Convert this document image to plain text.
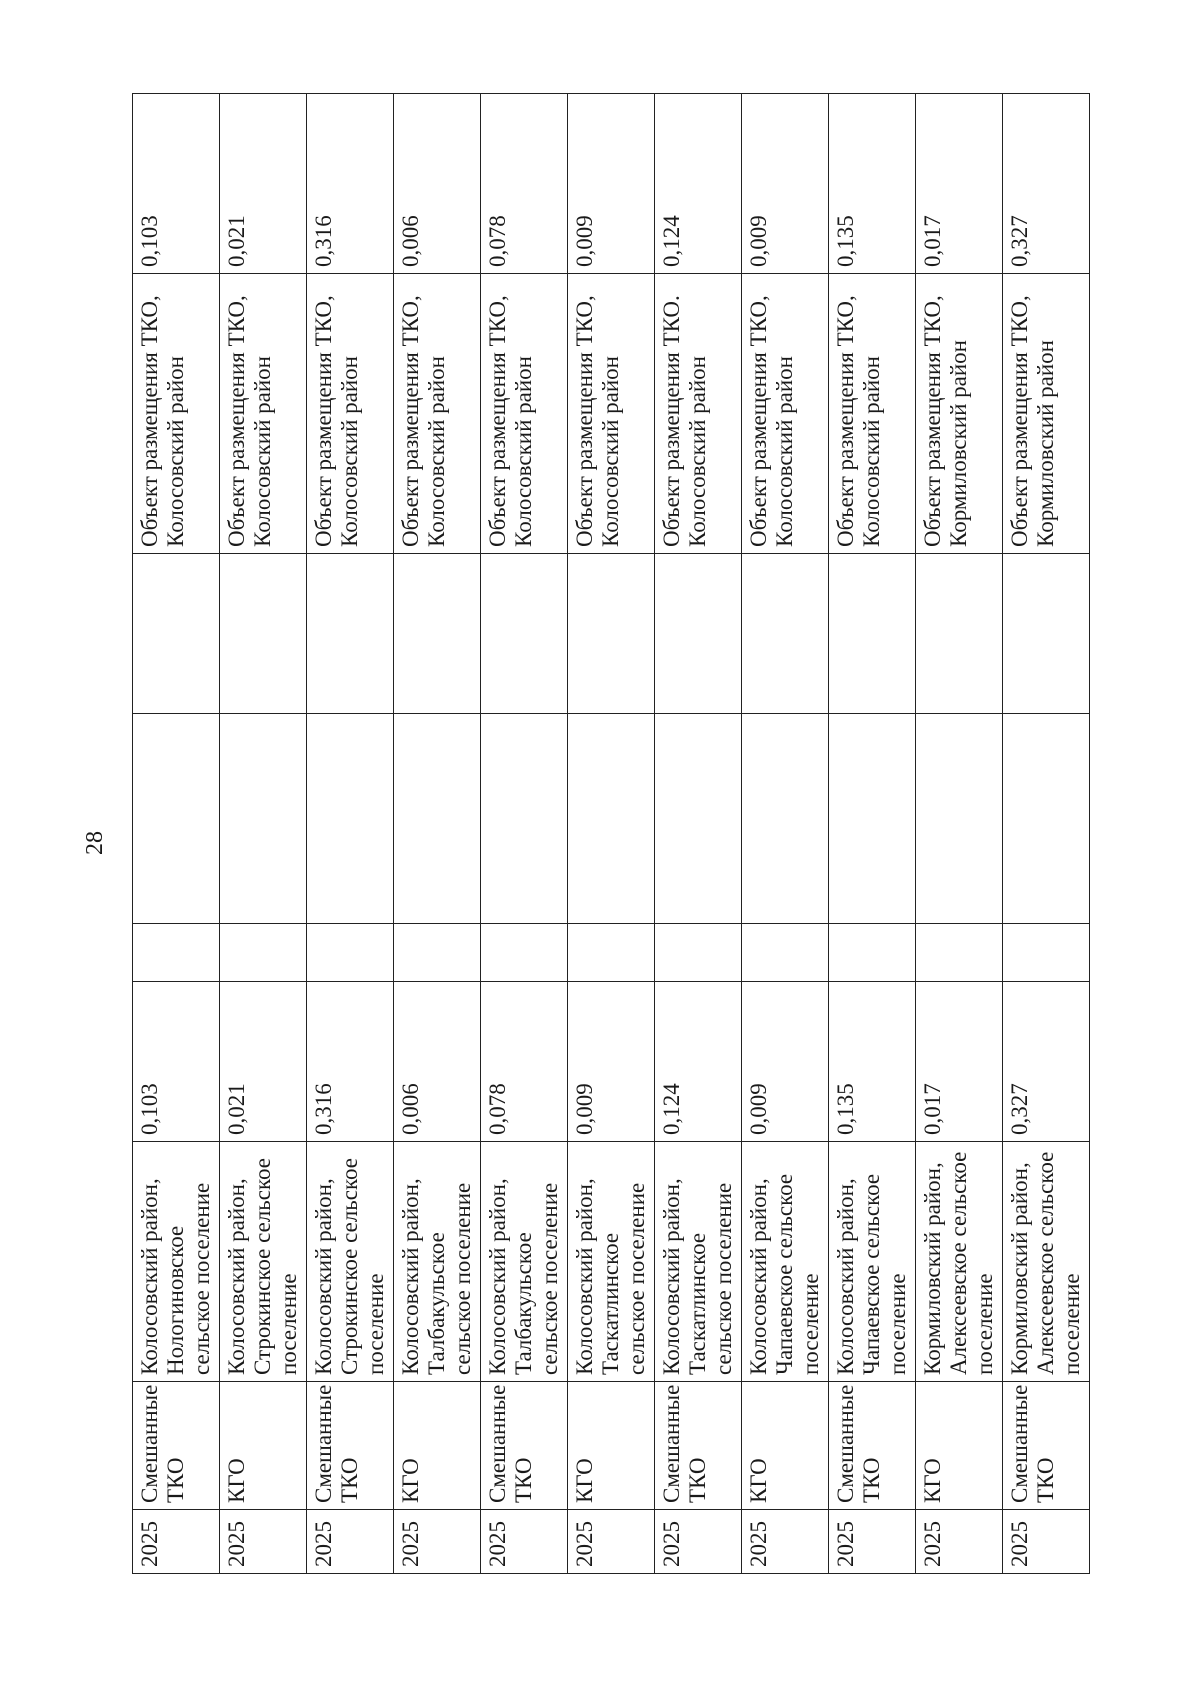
28
2025	Смешанные ТКО	Колосовский район, Нологиновское сельское поселение	0,103				Объект размещения ТКО, Колосовский район	0,103
2025	КГО	Колосовский район, Строкинское сельское поселение	0,021				Объект размещения ТКО, Колосовский район	0,021
2025	Смешанные ТКО	Колосовский район, Строкинское сельское поселение	0,316				Объект размещения ТКО, Колосовский район	0,316
2025	КГО	Колосовский район, Талбакульское сельское поселение	0,006				Объект размещения ТКО, Колосовский район	0,006
2025	Смешанные ТКО	Колосовский район, Талбакульское сельское поселение	0,078				Объект размещения ТКО, Колосовский район	0,078
2025	КГО	Колосовский район, Таскатлинское сельское поселение	0,009				Объект размещения ТКО, Колосовский район	0,009
2025	Смешанные ТКО	Колосовский район, Таскатлинское сельское поселение	0,124				Объект размещения ТКО. Колосовский район	0,124
2025	КГО	Колосовский район, Чапаевское сельское поселение	0,009				Объект размещения ТКО, Колосовский район	0,009
2025	Смешанные ТКО	Колосовский район, Чапаевское сельское поселение	0,135				Объект размещения ТКО, Колосовский район	0,135
2025	КГО	Кормиловский район, Алексеевское сельское поселение	0,017				Объект размещения ТКО, Кормиловский район	0,017
2025	Смешанные ТКО	Кормиловский район, Алексеевское сельское поселение	0,327				Объект размещения ТКО, Кормиловский район	0,327
